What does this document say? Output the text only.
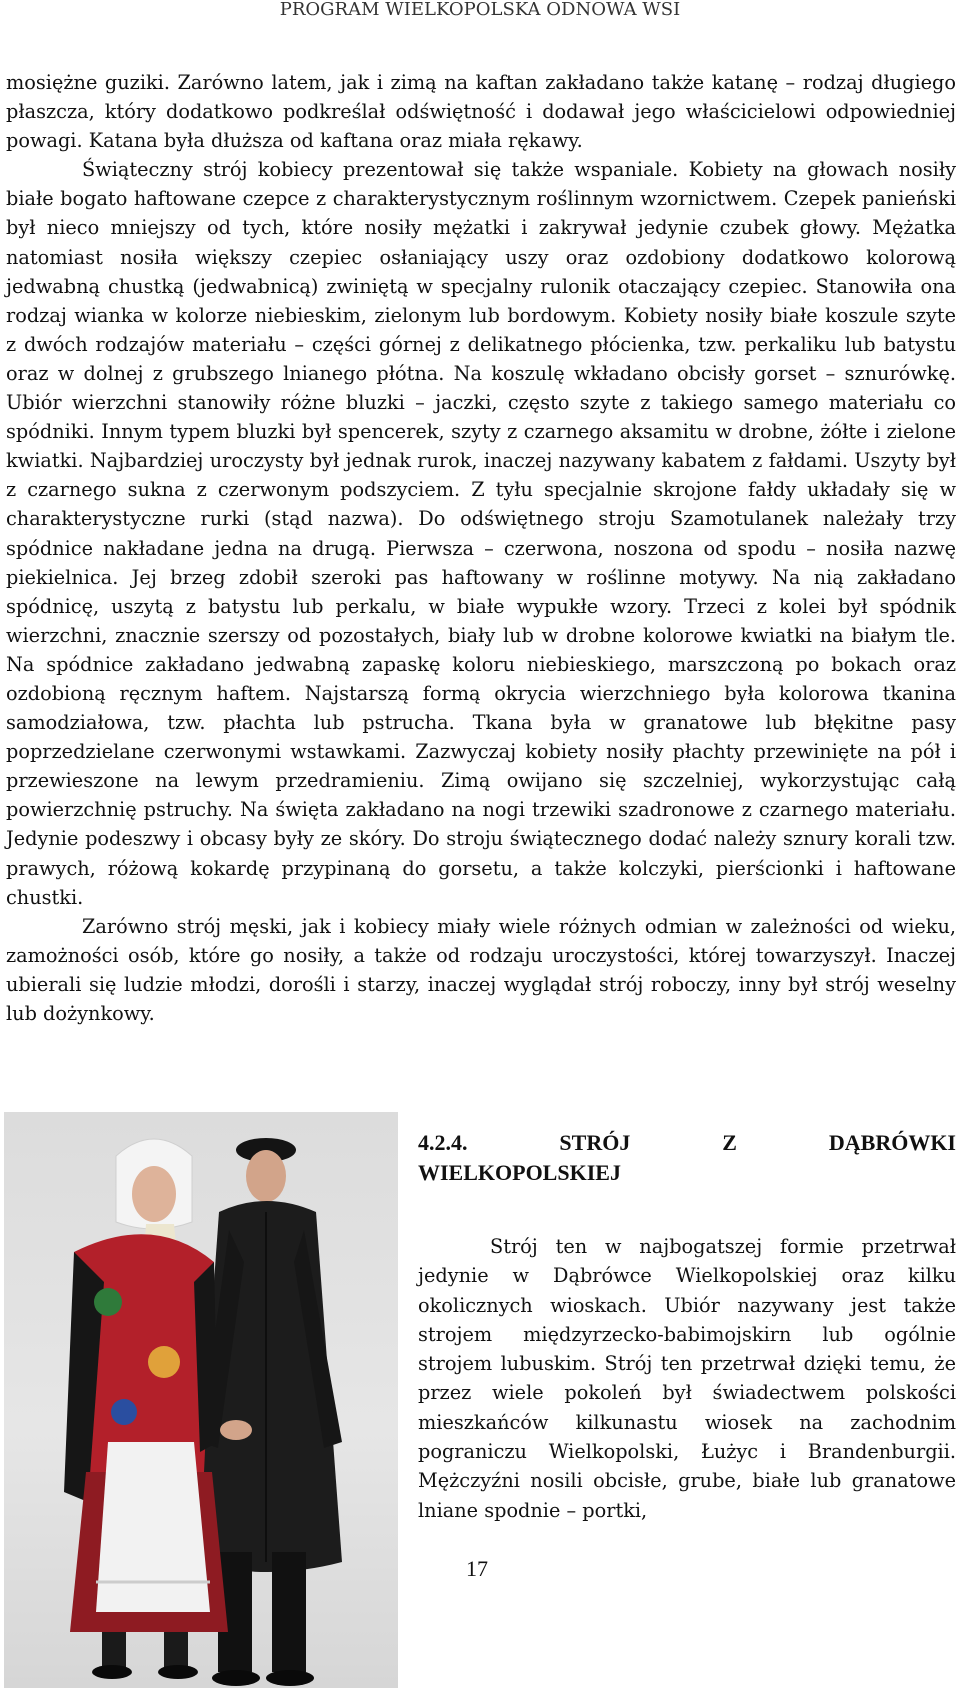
PROGRAM WIELKOPOLSKA ODNOWA WSI

mosiężne guziki. Zarówno latem, jak i zimą na kaftan zakładano także katanę – rodzaj długiego płaszcza, który dodatkowo podkreślał odświętność i dodawał jego właścicielowi odpowiedniej powagi. Katana była dłuższa od kaftana oraz miała rękawy.

Świąteczny strój kobiecy prezentował się także wspaniale. Kobiety na głowach nosiły białe bogato haftowane czepce z charakterystycznym roślinnym wzornictwem. Czepek panieński był nieco mniejszy od tych, które nosiły mężatki i zakrywał jedynie czubek głowy. Mężatka natomiast nosiła większy czepiec osłaniający uszy oraz ozdobiony dodatkowo kolorową jedwabną chustką (jedwabnicą) zwiniętą w specjalny rulonik otaczający czepiec. Stanowiła ona rodzaj wianka w kolorze niebieskim, zielonym lub bordowym. Kobiety nosiły białe koszule szyte z dwóch rodzajów materiału – części górnej z delikatnego płócienka, tzw. perkaliku lub batystu oraz w dolnej z grubszego lnianego płótna. Na koszulę wkładano obcisły gorset – sznurówkę. Ubiór wierzchni stanowiły różne bluzki – jaczki, często szyte z takiego samego materiału co spódniki. Innym typem bluzki był spencerek, szyty z czarnego aksamitu w drobne, żółte i zielone kwiatki. Najbardziej uroczysty był jednak rurok, inaczej nazywany kabatem z fałdami. Uszyty był z czarnego sukna z czerwonym podszyciem. Z tyłu specjalnie skrojone fałdy układały się w charakterystyczne rurki (stąd nazwa). Do odświętnego stroju Szamotulanek należały trzy spódnice nakładane jedna na drugą. Pierwsza – czerwona, noszona od spodu – nosiła nazwę piekielnica. Jej brzeg zdobił szeroki pas haftowany w roślinne motywy. Na nią zakładano spódnicę, uszytą z batystu lub perkalu, w białe wypukłe wzory. Trzeci z kolei był spódnik wierzchni, znacznie szerszy od pozostałych, biały lub w drobne kolorowe kwiatki na białym tle. Na spódnice zakładano jedwabną zapaskę koloru niebieskiego, marszczoną po bokach oraz ozdobioną ręcznym haftem. Najstarszą formą okrycia wierzchniego była kolorowa tkanina samodziałowa, tzw. płachta lub pstrucha. Tkana była w granatowe lub błękitne pasy poprzedzielane czerwonymi wstawkami. Zazwyczaj kobiety nosiły płachty przewinięte na pół i przewieszone na lewym przedramieniu. Zimą owijano się szczelniej, wykorzystując całą powierzchnię pstruchy. Na święta zakładano na nogi trzewiki szadronowe z czarnego materiału. Jedynie podeszwy i obcasy były ze skóry. Do stroju świątecznego dodać należy sznury korali tzw. prawych, różową kokardę przypinaną do gorsetu, a także kolczyki, pierścionki i haftowane chustki.

Zarówno strój męski, jak i kobiecy miały wiele różnych odmian w zależności od wieku, zamożności osób, które go nosiły, a także od rodzaju uroczystości, której towarzyszył. Inaczej ubierali się ludzie młodzi, dorośli i starzy, inaczej wyglądał strój roboczy, inny był strój weselny lub dożynkowy.

4.2.4.	STRÓJ	Z	DĄBRÓWKI
WIELKOPOLSKIEJ

Strój ten w najbogatszej formie przetrwał jedynie w Dąbrówce Wielkopolskiej oraz kilku okolicznych wioskach. Ubiór nazywany jest także strojem międzyrzecko-babimojskirn lub ogólnie strojem lubuskim. Strój ten przetrwał dzięki temu, że przez wiele pokoleń był świadectwem polskości mieszkańców kilkunastu wiosek na zachodnim pograniczu Wielkopolski, Łużyc i Brandenburgii. Mężczyźni nosili obcisłe, grube, białe lub granatowe lniane spodnie – portki,

17
